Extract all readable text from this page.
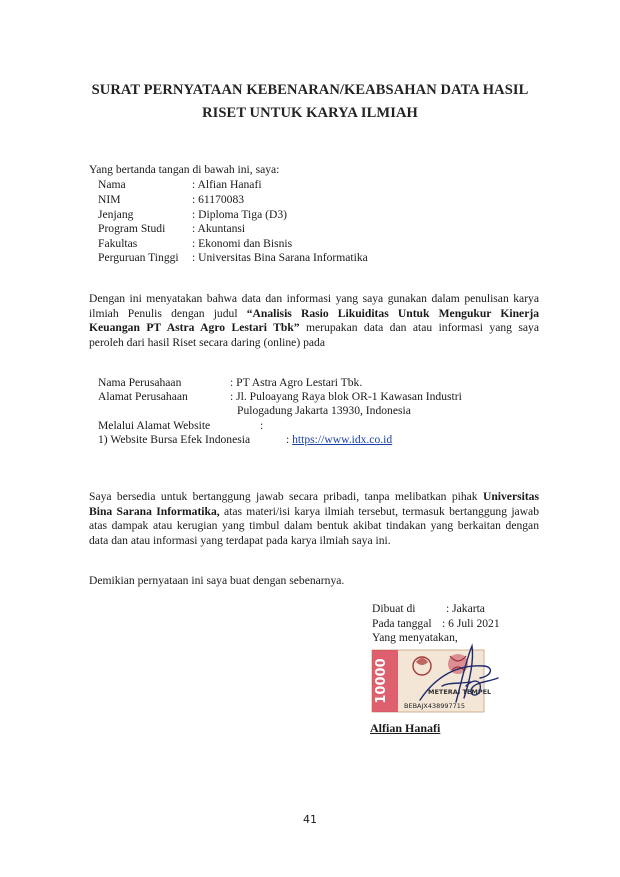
SURAT PERNYATAAN KEBENARAN/KEABSAHAN DATA HASIL
RISET UNTUK KARYA ILMIAH
Yang bertanda tangan di bawah ini, saya:
Nama	: Alfian Hanafi
NIM	: 61170083
Jenjang	: Diploma Tiga (D3)
Program Studi : Akuntansi
Fakultas	: Ekonomi dan Bisnis
Perguruan Tinggi : Universitas Bina Sarana Informatika
Dengan ini menyatakan bahwa data dan informasi yang saya gunakan dalam penulisan karya
ilmiah Penulis dengan judul “Analisis Rasio Likuiditas Untuk Mengukur Kinerja
Keuangan PT Astra Agro Lestari Tbk” merupakan data dan atau informasi yang saya
peroleh dari hasil Riset secara daring (online) pada
Nama Perusahaan	: PT Astra Agro Lestari Tbk.
Alamat Perusahaan	: Jl. Puloayang Raya blok OR-1 Kawasan Industri
Pulogadung Jakarta 13930, Indonesia
Melalui Alamat Website	:
1) Website Bursa Efek Indonesia	: https://www.idx.co.id
Saya bersedia untuk bertanggung jawab secara pribadi, tanpa melibatkan pihak Universitas
Bina Sarana Informatika, atas materi/isi karya ilmiah tersebut, termasuk bertanggung jawab
atas dampak atau kerugian yang timbul dalam bentuk akibat tindakan yang berkaitan dengan
data dan atau informasi yang terdapat pada karya ilmiah saya ini.
Demikian pernyataan ini saya buat dengan sebenarnya.
Dibuat di	: Jakarta
Pada tanggal : 6 Juli 2021
Yang menyatakan,
10000	METERAI TEMPEL
BEBAJX438997715
Alfian Hanafi
41
